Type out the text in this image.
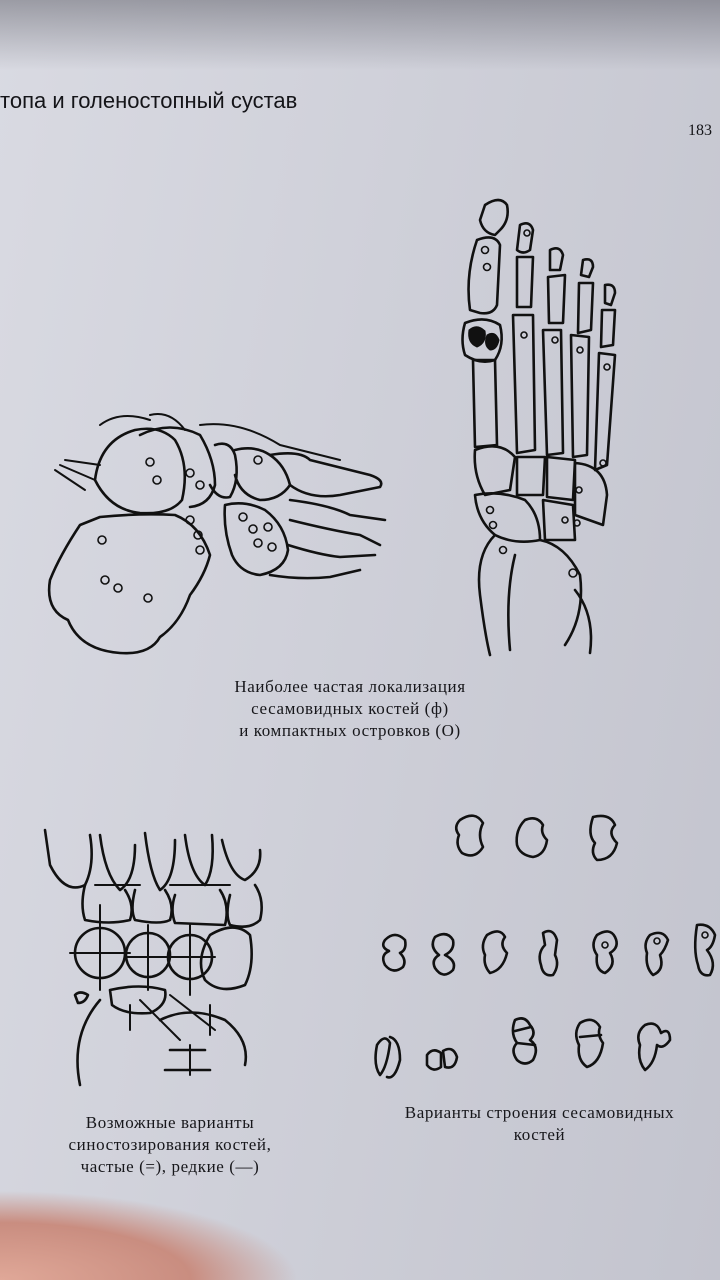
топа и голеностопный сустав
183
Наиболее частая локализация
сесамовидных костей (ф)
и компактных островков (О)
Возможные варианты
синостозирования костей,
частые (=), редкие (—)
Варианты строения сесамовидных
костей
